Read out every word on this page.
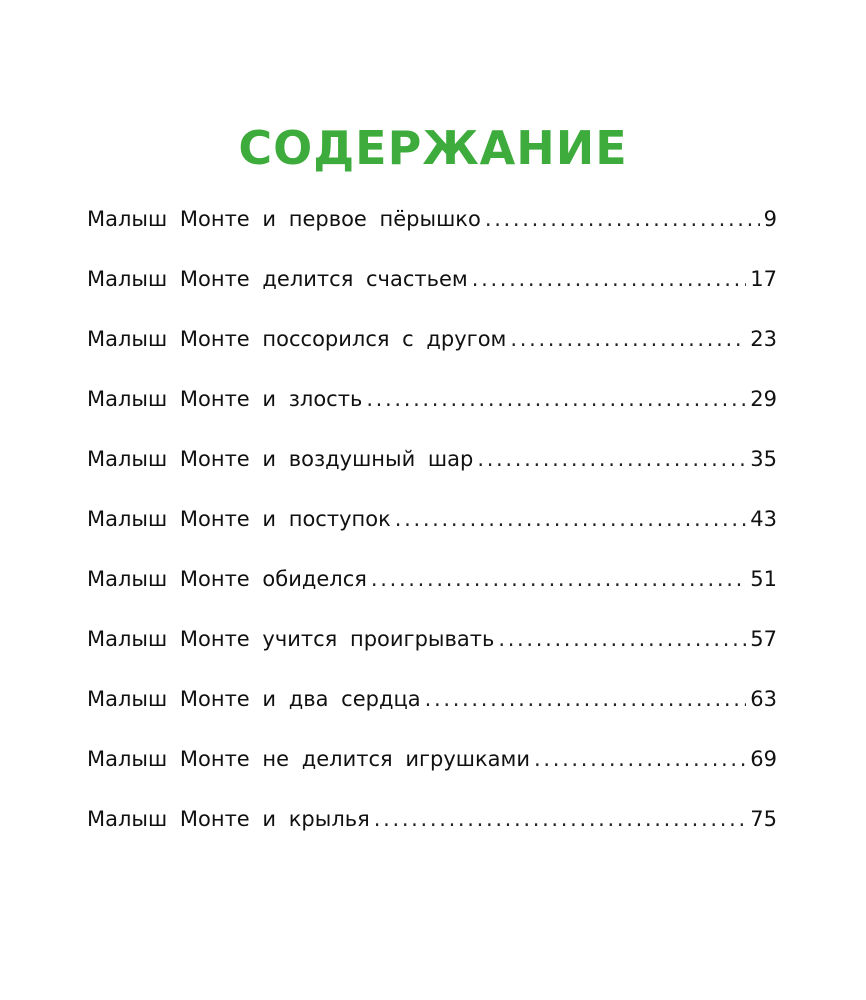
СОДЕРЖАНИЕ
Малыш Монте и первое пёрышко . . .	9
Малыш Монте делится счастьем . . .	17
Малыш Монте поссорился с другом . . .	23
Малыш Монте и злость . . .	29
Малыш Монте и воздушный шар . . .	35
Малыш Монте и поступок . . .	43
Малыш Монте обиделся . . .	51
Малыш Монте учится проигрывать . . .	57
Малыш Монте и два сердца . . .	63
Малыш Монте не делится игрушками . . .	69
Малыш Монте и крылья . . .	75
